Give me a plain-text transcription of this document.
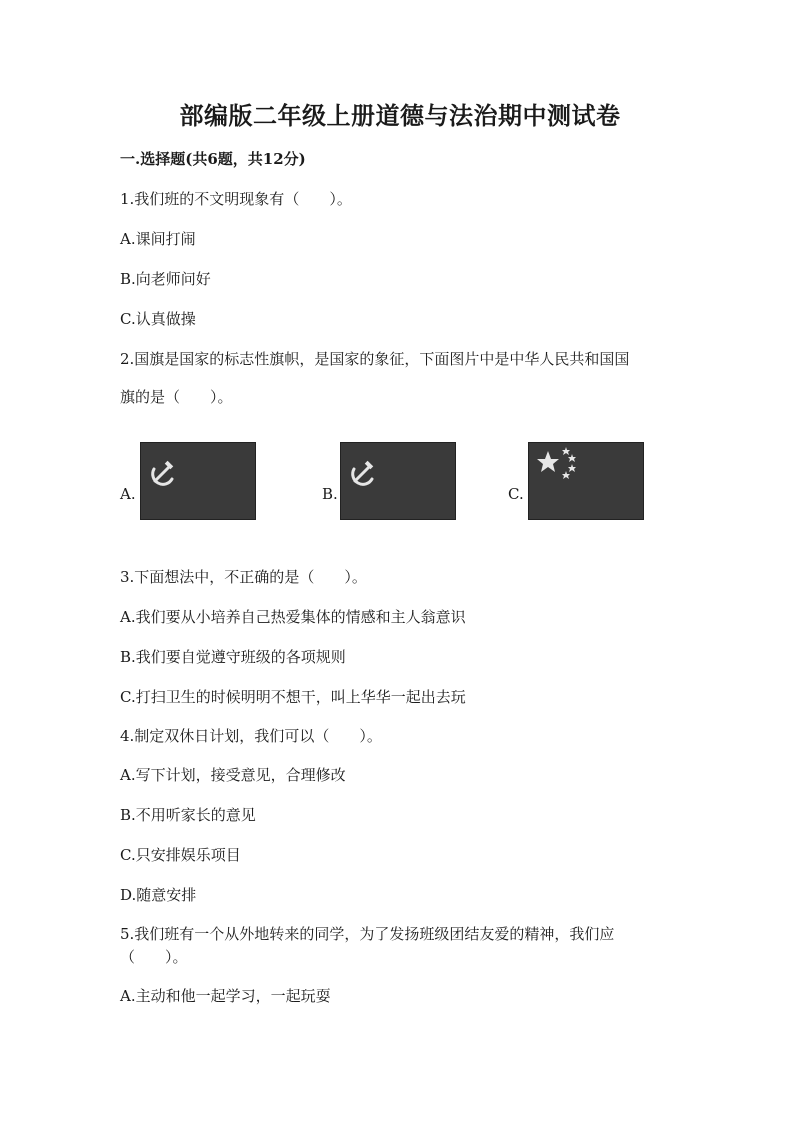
部编版二年级上册道德与法治期中测试卷
一.选择题(共6题，共12分)
1.我们班的不文明现象有（　　）。
A.课间打闹
B.向老师问好
C.认真做操
2.国旗是国家的标志性旗帜，是国家的象征，下面图片中是中华人民共和国国
旗的是（　　）。
A.	B.	C.
3.下面想法中，不正确的是（　　）。
A.我们要从小培养自己热爱集体的情感和主人翁意识
B.我们要自觉遵守班级的各项规则
C.打扫卫生的时候明明不想干，叫上华华一起出去玩
4.制定双休日计划，我们可以（　　）。
A.写下计划，接受意见，合理修改
B.不用听家长的意见
C.只安排娱乐项目
D.随意安排
5.我们班有一个从外地转来的同学，为了发扬班级团结友爱的精神，我们应
（　　）。
A.主动和他一起学习，一起玩耍
